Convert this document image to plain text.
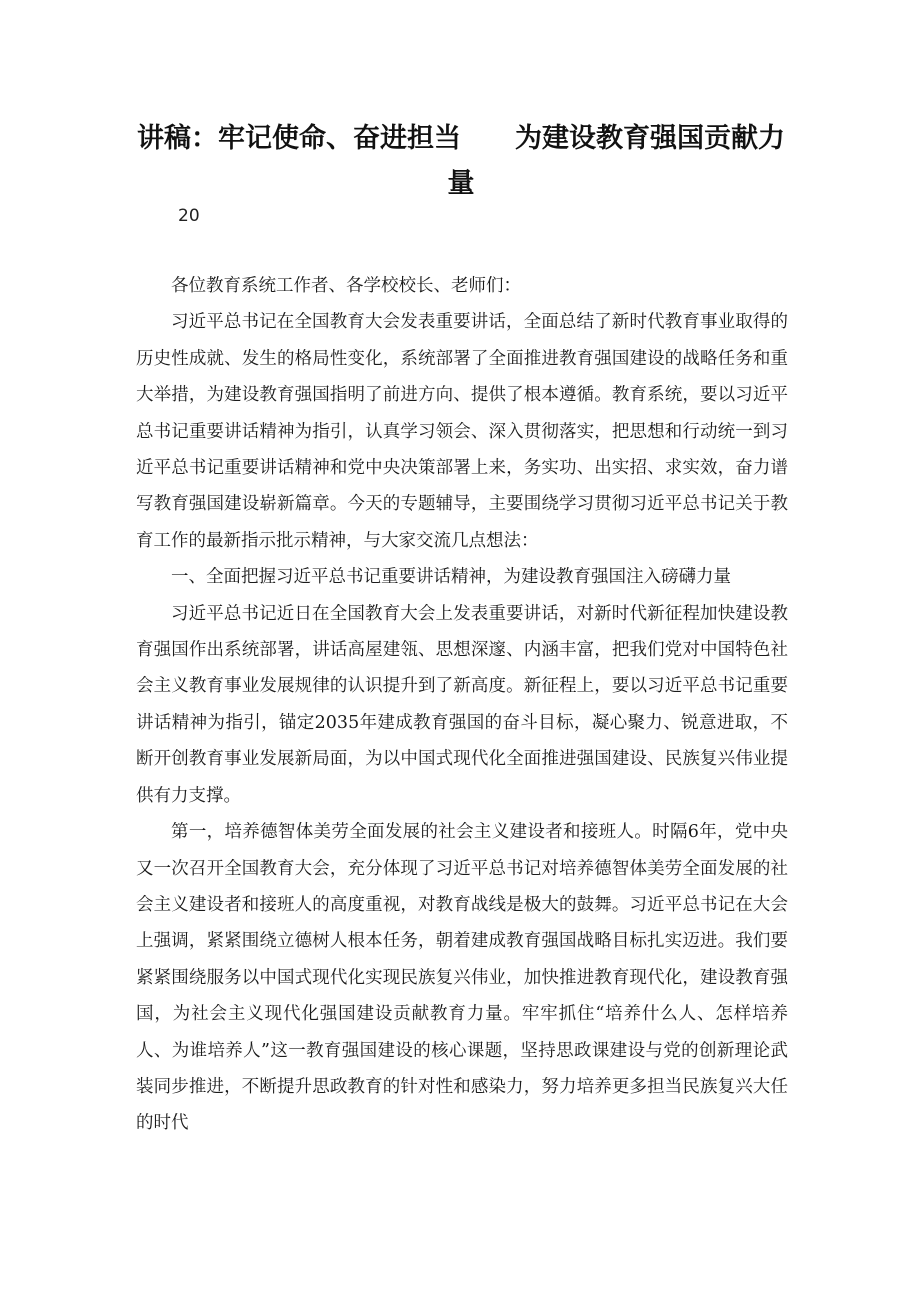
讲稿：牢记使命、奋进担当　　为建设教育强国贡献力量
20

各位教育系统工作者、各学校校长、老师们：

习近平总书记在全国教育大会发表重要讲话，全面总结了新时代教育事业取得的历史性成就、发生的格局性变化，系统部署了全面推进教育强国建设的战略任务和重大举措，为建设教育强国指明了前进方向、提供了根本遵循。教育系统，要以习近平总书记重要讲话精神为指引，认真学习领会、深入贯彻落实，把思想和行动统一到习近平总书记重要讲话精神和党中央决策部署上来，务实功、出实招、求实效，奋力谱写教育强国建设崭新篇章。今天的专题辅导，主要围绕学习贯彻习近平总书记关于教育工作的最新指示批示精神，与大家交流几点想法：

一、全面把握习近平总书记重要讲话精神，为建设教育强国注入磅礴力量

习近平总书记近日在全国教育大会上发表重要讲话，对新时代新征程加快建设教育强国作出系统部署，讲话高屋建瓴、思想深邃、内涵丰富，把我们党对中国特色社会主义教育事业发展规律的认识提升到了新高度。新征程上，要以习近平总书记重要讲话精神为指引，锚定2035年建成教育强国的奋斗目标，凝心聚力、锐意进取，不断开创教育事业发展新局面，为以中国式现代化全面推进强国建设、民族复兴伟业提供有力支撑。

第一，培养德智体美劳全面发展的社会主义建设者和接班人。时隔6年，党中央又一次召开全国教育大会，充分体现了习近平总书记对培养德智体美劳全面发展的社会主义建设者和接班人的高度重视，对教育战线是极大的鼓舞。习近平总书记在大会上强调，紧紧围绕立德树人根本任务，朝着建成教育强国战略目标扎实迈进。我们要紧紧围绕服务以中国式现代化实现民族复兴伟业，加快推进教育现代化，建设教育强国，为社会主义现代化强国建设贡献教育力量。牢牢抓住“培养什么人、怎样培养人、为谁培养人”这一教育强国建设的核心课题，坚持思政课建设与党的创新理论武装同步推进，不断提升思政教育的针对性和感染力，努力培养更多担当民族复兴大任的时代
